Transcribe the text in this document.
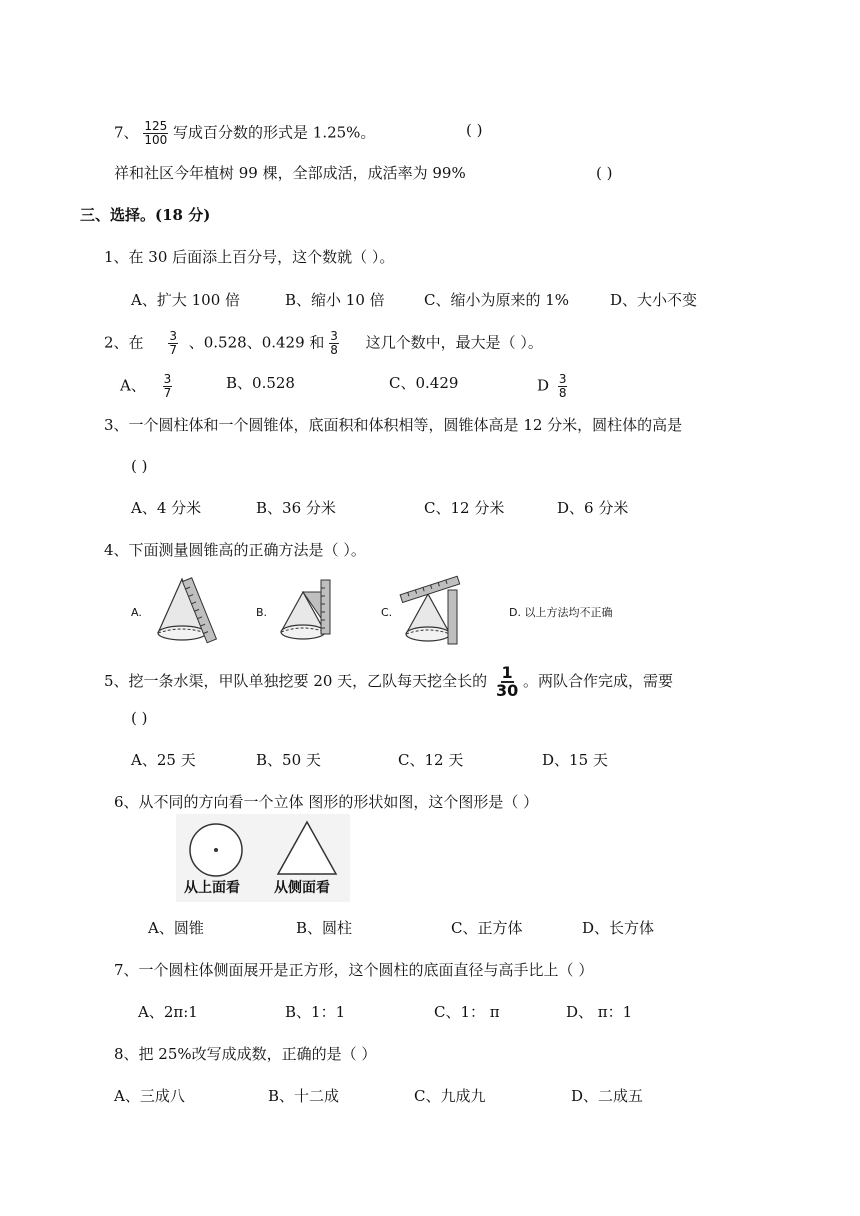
7、 $\frac{125}{100}$ 写成百分数的形式是 1.25%。	( )
祥和社区今年植树 99 棵，全部成活，成活率为 99%	( )
三、选择。(18 分)
1、在 30 后面添上百分号，这个数就（ ）。
A、扩大 100 倍	B、缩小 10 倍	C、缩小为原来的 1%	D、大小不变
2、在 $\frac{3}{7}$ 、0.528、0.429 和 $\frac{3}{8}$ 这几个数中，最大是（ ）。
A、 $\frac{3}{7}$	B、0.528	C、0.429	D $\frac{3}{8}$
3、一个圆柱体和一个圆锥体，底面积和体积相等，圆锥体高是 12 分米，圆柱体的高是
( )
A、4 分米	B、36 分米	C、12 分米	D、6 分米
4、下面测量圆锥高的正确方法是（ ）。
A.	B.	C.	D. 以上方法均不正确
5、挖一条水渠，甲队单独挖要 20 天，乙队每天挖全长的 $\frac{1}{30}$ 。两队合作完成，需要
( )
A、25 天	B、50 天	C、12 天	D、15 天
6、从不同的方向看一个立体 图形的形状如图，这个图形是（ ）
从上面看 从侧面看
A、圆锥	B、圆柱	C、正方体	D、长方体
7、一个圆柱体侧面展开是正方形，这个圆柱的底面直径与高手比上（ ）
A、2π:1	B、1：1	C、1： π	D、 π：1
8、把 25%改写成成数，正确的是（ ）
A、三成八	B、十二成	C、九成九	D、二成五
